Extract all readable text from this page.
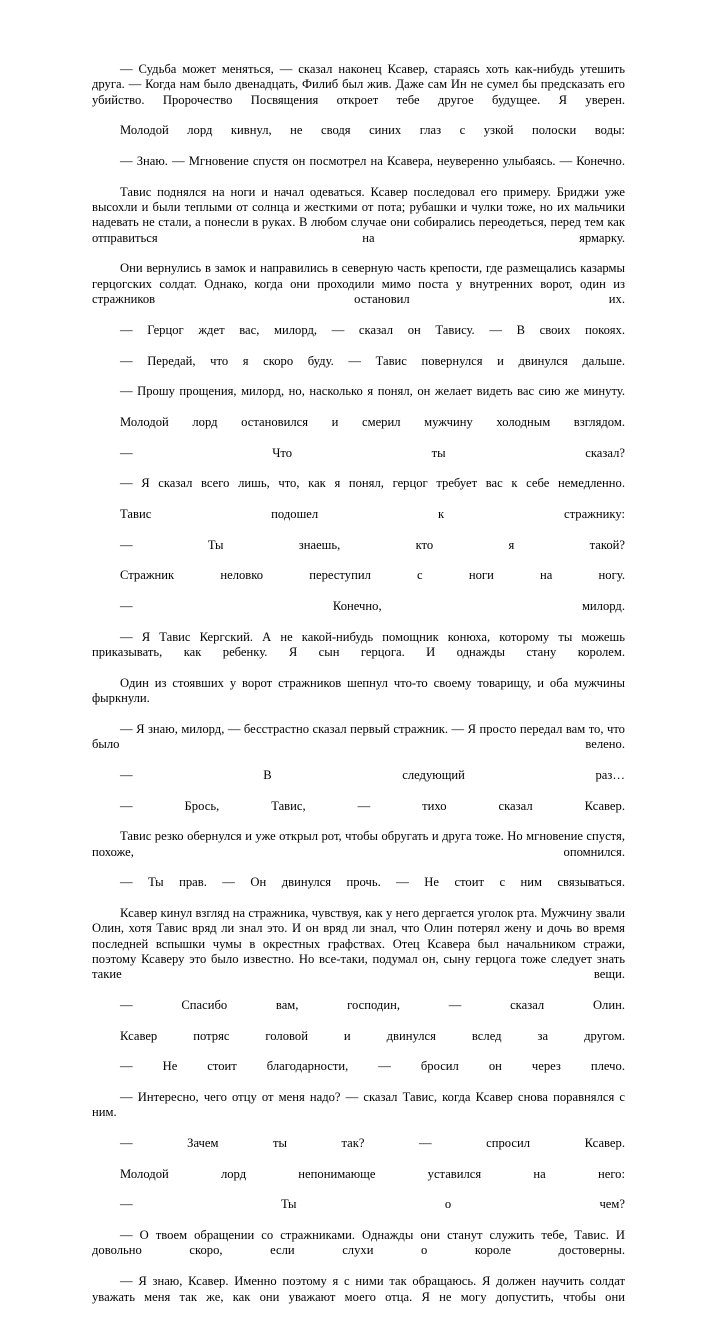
— Судьба может меняться, — сказал наконец Ксавер, стараясь хоть как-нибудь утешить друга. — Когда нам было двенадцать, Филиб был жив. Даже сам Ин не сумел бы предсказать его убийство. Пророчество Посвящения откроет тебе другое будущее. Я уверен.

Молодой лорд кивнул, не сводя синих глаз с узкой полоски воды:

— Знаю. — Мгновение спустя он посмотрел на Ксавера, неуверенно улыбаясь. — Конечно.

Тавис поднялся на ноги и начал одеваться. Ксавер последовал его примеру. Бриджи уже высохли и были теплыми от солнца и жесткими от пота; рубашки и чулки тоже, но их мальчики надевать не стали, а понесли в руках. В любом случае они собирались переодеться, перед тем как отправиться на ярмарку.

Они вернулись в замок и направились в северную часть крепости, где размещались казармы герцогских солдат. Однако, когда они проходили мимо поста у внутренних ворот, один из стражников остановил их.

— Герцог ждет вас, милорд, — сказал он Тавису. — В своих покоях.

— Передай, что я скоро буду. — Тавис повернулся и двинулся дальше.

— Прошу прощения, милорд, но, насколько я понял, он желает видеть вас сию же минуту.

Молодой лорд остановился и смерил мужчину холодным взглядом.

— Что ты сказал?

— Я сказал всего лишь, что, как я понял, герцог требует вас к себе немедленно.

Тавис подошел к стражнику:

— Ты знаешь, кто я такой?

Стражник неловко переступил с ноги на ногу.

— Конечно, милорд.

— Я Тавис Кергский. А не какой-нибудь помощник конюха, которому ты можешь приказывать, как ребенку. Я сын герцога. И однажды стану королем.

Один из стоявших у ворот стражников шепнул что-то своему товарищу, и оба мужчины фыркнули.

— Я знаю, милорд, — бесстрастно сказал первый стражник. — Я просто передал вам то, что было велено.

— В следующий раз…

— Брось, Тавис, — тихо сказал Ксавер.

Тавис резко обернулся и уже открыл рот, чтобы обругать и друга тоже. Но мгновение спустя, похоже, опомнился.

— Ты прав. — Он двинулся прочь. — Не стоит с ним связываться.

Ксавер кинул взгляд на стражника, чувствуя, как у него дергается уголок рта. Мужчину звали Олин, хотя Тавис вряд ли знал это. И он вряд ли знал, что Олин потерял жену и дочь во время последней вспышки чумы в окрестных графствах. Отец Ксавера был начальником стражи, поэтому Ксаверу это было известно. Но все-таки, подумал он, сыну герцога тоже следует знать такие вещи.

— Спасибо вам, господин, — сказал Олин.

Ксавер потряс головой и двинулся вслед за другом.

— Не стоит благодарности, — бросил он через плечо.

— Интересно, чего отцу от меня надо? — сказал Тавис, когда Ксавер снова поравнялся с ним.

— Зачем ты так? — спросил Ксавер.

Молодой лорд непонимающе уставился на него:

— Ты о чем?

— О твоем обращении со стражниками. Однажды они станут служить тебе, Тавис. И довольно скоро, если слухи о короле достоверны.

— Я знаю, Ксавер. Именно поэтому я с ними так обращаюсь. Я должен научить солдат уважать меня так же, как они уважают моего отца. Я не могу допустить, чтобы они
